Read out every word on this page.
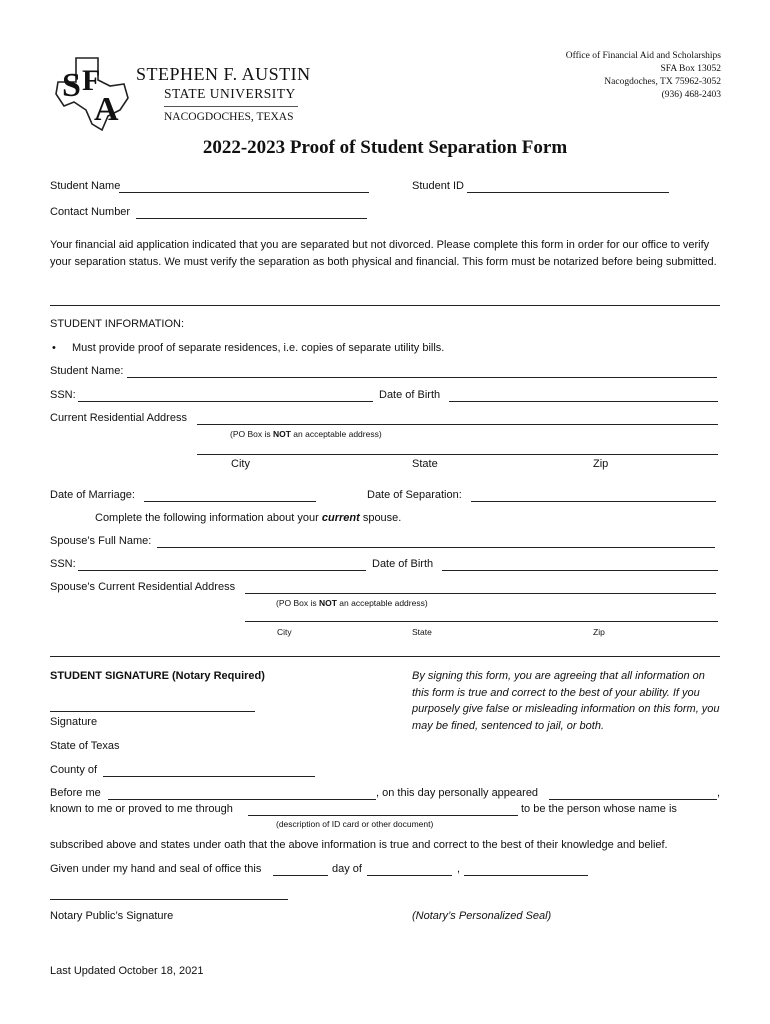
S F
A
STEPHEN F. AUSTIN
STATE UNIVERSITY
NACOGDOCHES, TEXAS
Office of Financial Aid and Scholarships
SFA Box 13052
Nacogdoches, TX 75962-3052
(936) 468-2403
2022-2023 Proof of Student Separation Form
Student Name	Student ID
Contact Number
Your financial aid application indicated that you are separated but not divorced. Please complete this form in order for our office to verify your separation status. We must verify the separation as both physical and financial. This form must be notarized before being submitted.
STUDENT INFORMATION:
• Must provide proof of separate residences, i.e. copies of separate utility bills.
Student Name:
SSN:	Date of Birth
Current Residential Address
(PO Box is NOT an acceptable address)
City	State	Zip
Date of Marriage:	Date of Separation:
Complete the following information about your current spouse.
Spouse’s Full Name:
SSN:	Date of Birth
Spouse’s Current Residential Address
(PO Box is NOT an acceptable address)
City	State	Zip
STUDENT SIGNATURE (Notary Required)	By signing this form, you are agreeing that all information on this form is true and correct to the best of your ability. If you purposely give false or misleading information on this form, you may be fined, sentenced to jail, or both.
Signature
State of Texas
County of
Before me	, on this day personally appeared	,
known to me or proved to me through	to be the person whose name is
(description of ID card or other document)
subscribed above and states under oath that the above information is true and correct to the best of their knowledge and belief.
Given under my hand and seal of office this	day of	,
Notary Public’s Signature	(Notary’s Personalized Seal)
Last Updated October 18, 2021
